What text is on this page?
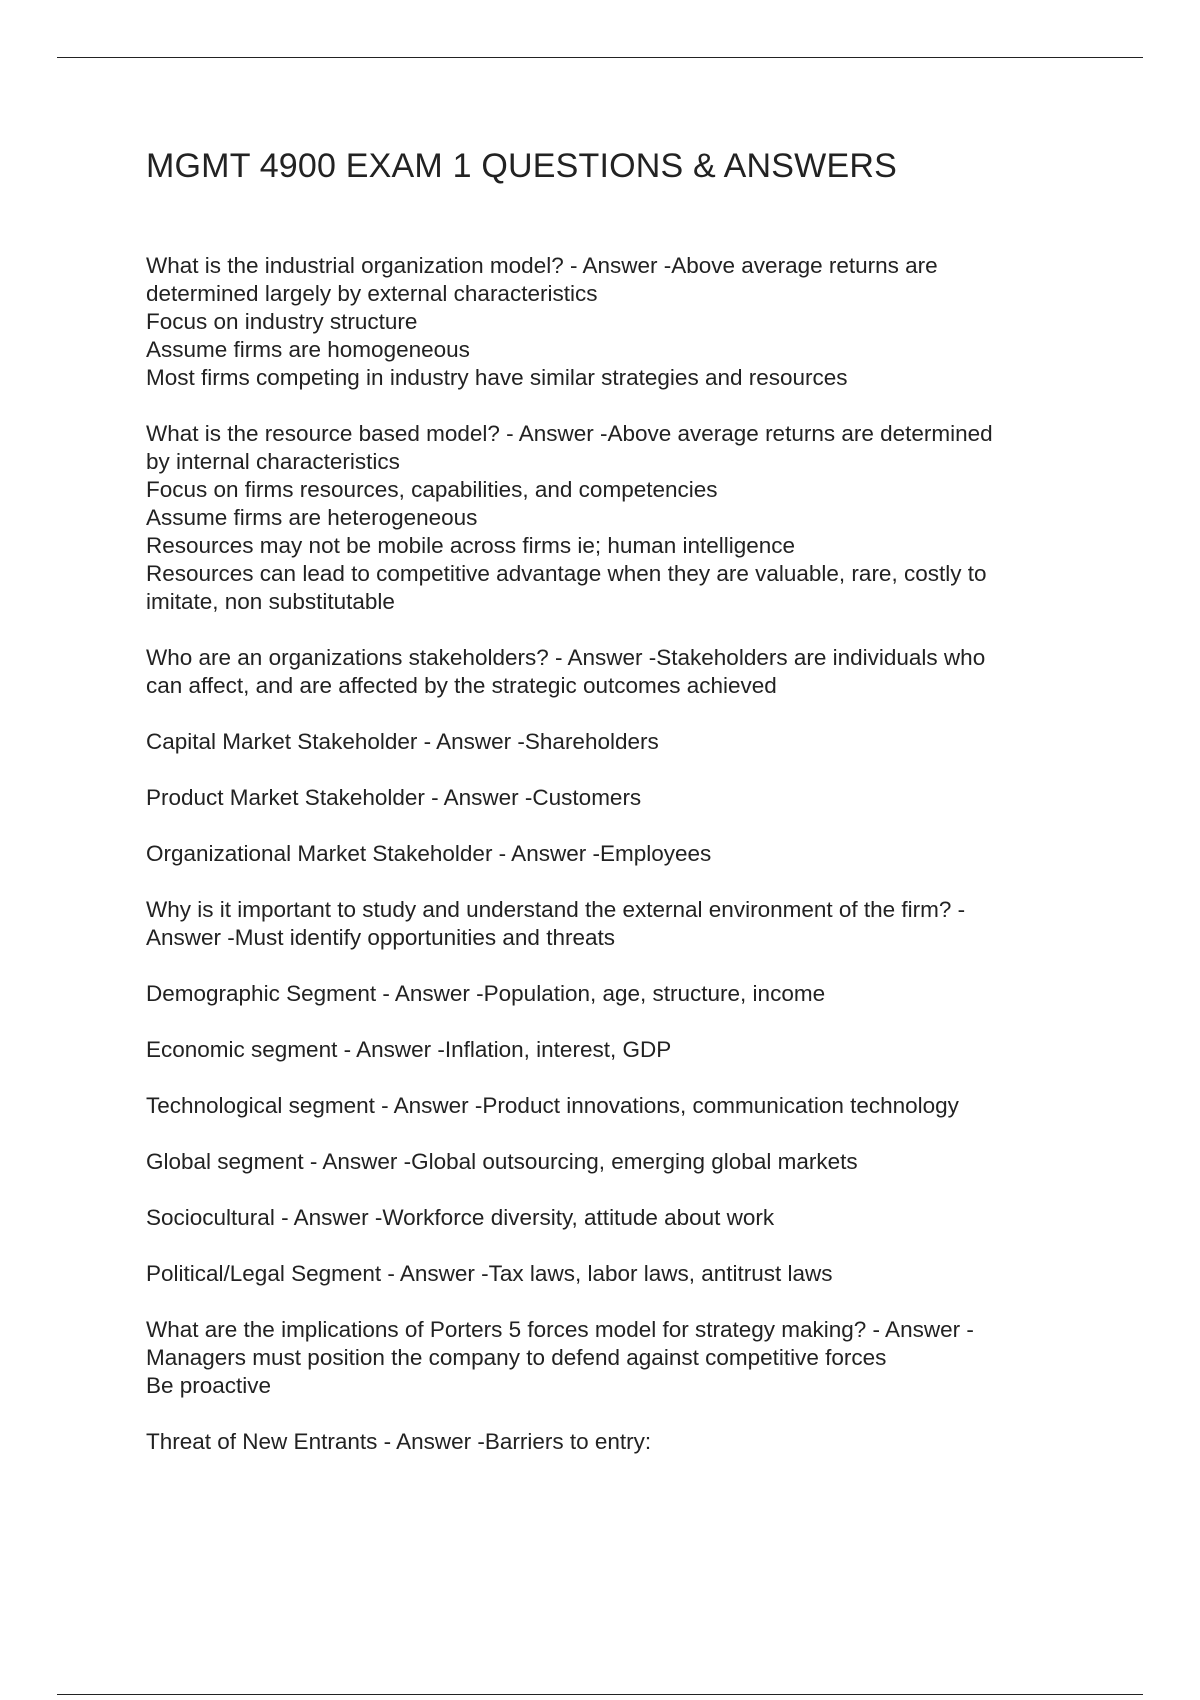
MGMT 4900 EXAM 1 QUESTIONS & ANSWERS
What is the industrial organization model? - Answer -Above average returns are
determined largely by external characteristics
Focus on industry structure
Assume firms are homogeneous
Most firms competing in industry have similar strategies and resources
What is the resource based model? - Answer -Above average returns are determined
by internal characteristics
Focus on firms resources, capabilities, and competencies
Assume firms are heterogeneous
Resources may not be mobile across firms ie; human intelligence
Resources can lead to competitive advantage when they are valuable, rare, costly to
imitate, non substitutable
Who are an organizations stakeholders? - Answer -Stakeholders are individuals who
can affect, and are affected by the strategic outcomes achieved
Capital Market Stakeholder - Answer -Shareholders
Product Market Stakeholder - Answer -Customers
Organizational Market Stakeholder - Answer -Employees
Why is it important to study and understand the external environment of the firm? -
Answer -Must identify opportunities and threats
Demographic Segment - Answer -Population, age, structure, income
Economic segment - Answer -Inflation, interest, GDP
Technological segment - Answer -Product innovations, communication technology
Global segment - Answer -Global outsourcing, emerging global markets
Sociocultural - Answer -Workforce diversity, attitude about work
Political/Legal Segment - Answer -Tax laws, labor laws, antitrust laws
What are the implications of Porters 5 forces model for strategy making? - Answer -
Managers must position the company to defend against competitive forces
Be proactive
Threat of New Entrants - Answer -Barriers to entry:
